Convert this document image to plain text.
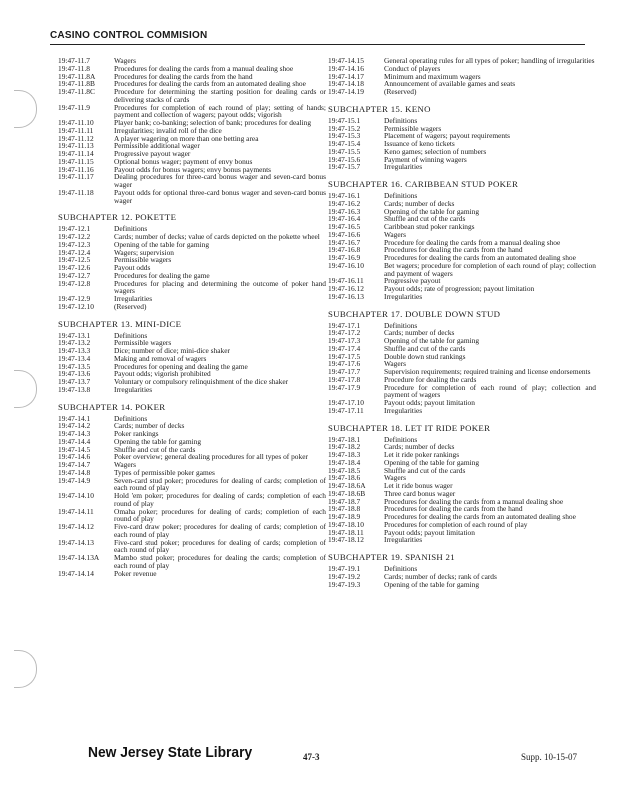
CASINO CONTROL COMMISION
19:47-11.7	Wagers
19:47-11.8	Procedures for dealing the cards from a manual dealing shoe
19:47-11.8A	Procedures for dealing the cards from the hand
19:47-11.8B	Procedures for dealing the cards from an automated dealing shoe
19:47-11.8C	Procedure for determining the starting position for dealing cards or delivering stacks of cards
19:47-11.9	Procedures for completion of each round of play; setting of hands; payment and collection of wagers; payout odds; vigorish
19:47-11.10	Player bank; co-banking; selection of bank; procedures for dealing
19:47-11.11	Irregularities; invalid roll of the dice
19:47-11.12	A player wagering on more than one betting area
19:47-11.13	Permissible additional wager
19:47-11.14	Progressive payout wager
19:47-11.15	Optional bonus wager; payment of envy bonus
19:47-11.16	Payout odds for bonus wagers; envy bonus payments
19:47-11.17	Dealing procedures for three-card bonus wager and seven-card bonus wager
19:47-11.18	Payout odds for optional three-card bonus wager and seven-card bonus wager
SUBCHAPTER 12. POKETTE
19:47-12.1	Definitions
19:47-12.2	Cards; number of decks; value of cards depicted on the pokette wheel
19:47-12.3	Opening of the table for gaming
19:47-12.4	Wagers; supervision
19:47-12.5	Permissible wagers
19:47-12.6	Payout odds
19:47-12.7	Procedures for dealing the game
19:47-12.8	Procedures for placing and determining the outcome of poker hand wagers
19:47-12.9	Irregularities
19:47-12.10	(Reserved)
SUBCHAPTER 13. MINI-DICE
19:47-13.1	Definitions
19:47-13.2	Permissible wagers
19:47-13.3	Dice; number of dice; mini-dice shaker
19:47-13.4	Making and removal of wagers
19:47-13.5	Procedures for opening and dealing the game
19:47-13.6	Payout odds; vigorish prohibited
19:47-13.7	Voluntary or compulsory relinquishment of the dice shaker
19:47-13.8	Irregularities
SUBCHAPTER 14. POKER
19:47-14.1	Definitions
19:47-14.2	Cards; number of decks
19:47-14.3	Poker rankings
19:47-14.4	Opening the table for gaming
19:47-14.5	Shuffle and cut of the cards
19:47-14.6	Poker overview; general dealing procedures for all types of poker
19:47-14.7	Wagers
19:47-14.8	Types of permissible poker games
19:47-14.9	Seven-card stud poker; procedures for dealing of cards; completion of each round of play
19:47-14.10	Hold 'em poker; procedures for dealing of cards; completion of each round of play
19:47-14.11	Omaha poker; procedures for dealing of cards; completion of each round of play
19:47-14.12	Five-card draw poker; procedures for dealing of cards; completion of each round of play
19:47-14.13	Five-card stud poker; procedures for dealing of cards; completion of each round of play
19:47-14.13A	Mambo stud poker; procedures for dealing the cards; completion of each round of play
19:47-14.14	Poker revenue
19:47-14.15	General operating rules for all types of poker; handling of irregularities
19:47-14.16	Conduct of players
19:47-14.17	Minimum and maximum wagers
19:47-14.18	Announcement of available games and seats
19:47-14.19	(Reserved)
SUBCHAPTER 15. KENO
19:47-15.1	Definitions
19:47-15.2	Permissible wagers
19:47-15.3	Placement of wagers; payout requirements
19:47-15.4	Issuance of keno tickets
19:47-15.5	Keno games; selection of numbers
19:47-15.6	Payment of winning wagers
19:47-15.7	Irregularities
SUBCHAPTER 16. CARIBBEAN STUD POKER
19:47-16.1	Definitions
19:47-16.2	Cards; number of decks
19:47-16.3	Opening of the table for gaming
19:47-16.4	Shuffle and cut of the cards
19:47-16.5	Caribbean stud poker rankings
19:47-16.6	Wagers
19:47-16.7	Procedure for dealing the cards from a manual dealing shoe
19:47-16.8	Procedures for dealing the cards from the hand
19:47-16.9	Procedures for dealing the cards from an automated dealing shoe
19:47-16.10	Bet wagers; procedure for completion of each round of play; collection and payment of wagers
19:47-16.11	Progressive payout
19:47-16.12	Payout odds; rate of progression; payout limitation
19:47-16.13	Irregularities
SUBCHAPTER 17. DOUBLE DOWN STUD
19:47-17.1	Definitions
19:47-17.2	Cards; number of decks
19:47-17.3	Opening of the table for gaming
19:47-17.4	Shuffle and cut of the cards
19:47-17.5	Double down stud rankings
19:47-17.6	Wagers
19:47-17.7	Supervision requirements; required training and license endorsements
19:47-17.8	Procedure for dealing the cards
19:47-17.9	Procedure for completion of each round of play; collection and payment of wagers
19:47-17.10	Payout odds; payout limitation
19:47-17.11	Irregularities
SUBCHAPTER 18. LET IT RIDE POKER
19:47-18.1	Definitions
19:47-18.2	Cards; number of decks
19:47-18.3	Let it ride poker rankings
19:47-18.4	Opening of the table for gaming
19:47-18.5	Shuffle and cut of the cards
19:47-18.6	Wagers
19:47-18.6A	Let it ride bonus wager
19:47-18.6B	Three card bonus wager
19:47-18.7	Procedures for dealing the cards from a manual dealing shoe
19:47-18.8	Procedures for dealing the cards from the hand
19:47-18.9	Procedures for dealing the cards from an automated dealing shoe
19:47-18.10	Procedures for completion of each round of play
19:47-18.11	Payout odds; payout limitation
19:47-18.12	Irregularities
SUBCHAPTER 19. SPANISH 21
19:47-19.1	Definitions
19:47-19.2	Cards; number of decks; rank of cards
19:47-19.3	Opening of the table for gaming
New Jersey State Library	47-3	Supp. 10-15-07
